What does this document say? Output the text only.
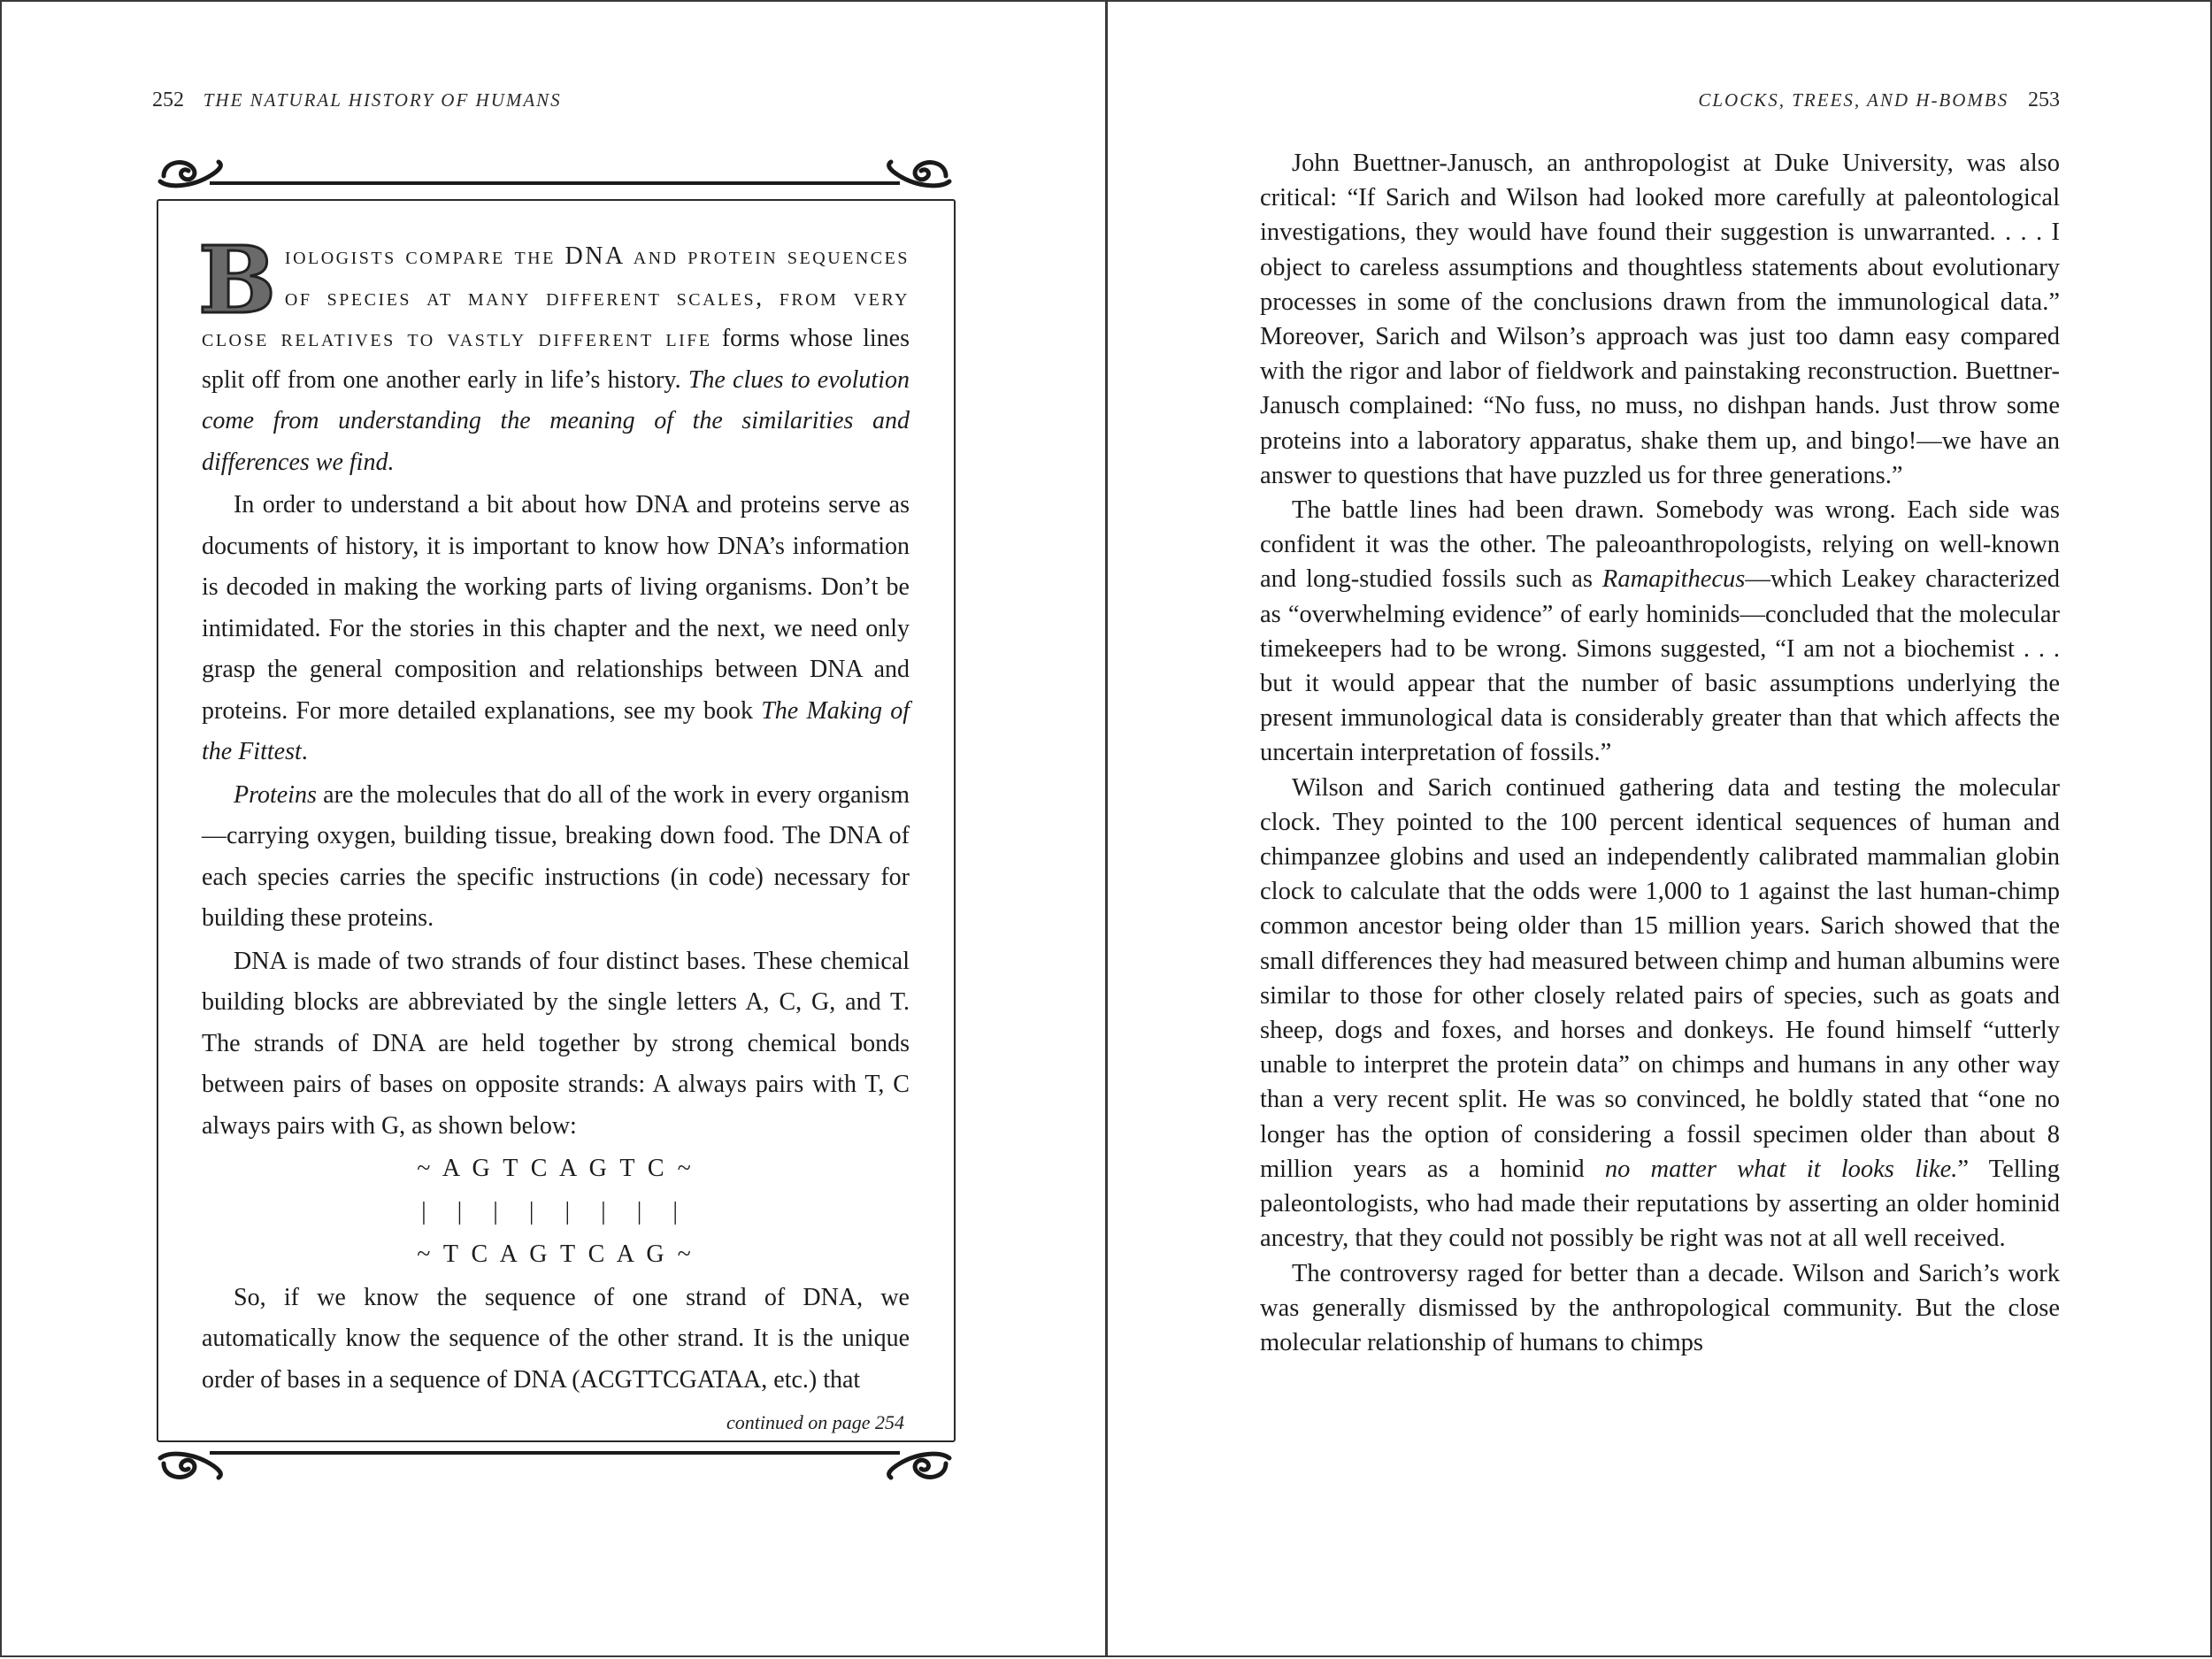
252 THE NATURAL HISTORY OF HUMANS

Biologists compare the DNA and protein sequences of species at many different scales, from very close relatives to vastly different life forms whose lines split off from one another early in life’s history. The clues to evolution come from understanding the meaning of the similarities and differences we find.

In order to understand a bit about how DNA and proteins serve as documents of history, it is important to know how DNA’s information is decoded in making the working parts of living organisms. Don’t be intimidated. For the stories in this chapter and the next, we need only grasp the general composition and relationships between DNA and proteins. For more detailed explanations, see my book The Making of the Fittest.

Proteins are the molecules that do all of the work in every organism—carrying oxygen, building tissue, breaking down food. The DNA of each species carries the specific instructions (in code) necessary for building these proteins.

DNA is made of two strands of four distinct bases. These chemical building blocks are abbreviated by the single letters A, C, G, and T. The strands of DNA are held together by strong chemical bonds between pairs of bases on opposite strands: A always pairs with T, C always pairs with G, as shown below:

~ A G T C A G T C ~

| | | | | | | |

~ T C A G T C A G ~

So, if we know the sequence of one strand of DNA, we automatically know the sequence of the other strand. It is the unique order of bases in a sequence of DNA (ACGTTCGATAA, etc.) that

continued on page 254
CLOCKS, TREES, AND H-BOMBS 253

John Buettner-Janusch, an anthropologist at Duke University, was also critical: “If Sarich and Wilson had looked more carefully at paleontological investigations, they would have found their suggestion is unwarranted. . . . I object to careless assumptions and thoughtless statements about evolutionary processes in some of the conclusions drawn from the immunological data.” Moreover, Sarich and Wilson’s approach was just too damn easy compared with the rigor and labor of fieldwork and painstaking reconstruction. Buettner-Janusch complained: “No fuss, no muss, no dishpan hands. Just throw some proteins into a laboratory apparatus, shake them up, and bingo!—we have an answer to questions that have puzzled us for three generations.”

The battle lines had been drawn. Somebody was wrong. Each side was confident it was the other. The paleoanthropologists, relying on well-known and long-studied fossils such as Ramapithecus—which Leakey characterized as “overwhelming evidence” of early hominids—concluded that the molecular timekeepers had to be wrong. Simons suggested, “I am not a biochemist . . . but it would appear that the number of basic assumptions underlying the present immunological data is considerably greater than that which affects the uncertain interpretation of fossils.”

Wilson and Sarich continued gathering data and testing the molecular clock. They pointed to the 100 percent identical sequences of human and chimpanzee globins and used an independently calibrated mammalian globin clock to calculate that the odds were 1,000 to 1 against the last human-chimp common ancestor being older than 15 million years. Sarich showed that the small differences they had measured between chimp and human albumins were similar to those for other closely related pairs of species, such as goats and sheep, dogs and foxes, and horses and donkeys. He found himself “utterly unable to interpret the protein data” on chimps and humans in any other way than a very recent split. He was so convinced, he boldly stated that “one no longer has the option of considering a fossil specimen older than about 8 million years as a hominid no matter what it looks like.” Telling paleontologists, who had made their reputations by asserting an older hominid ancestry, that they could not possibly be right was not at all well received.

The controversy raged for better than a decade. Wilson and Sarich’s work was generally dismissed by the anthropological community. But the close molecular relationship of humans to chimps
